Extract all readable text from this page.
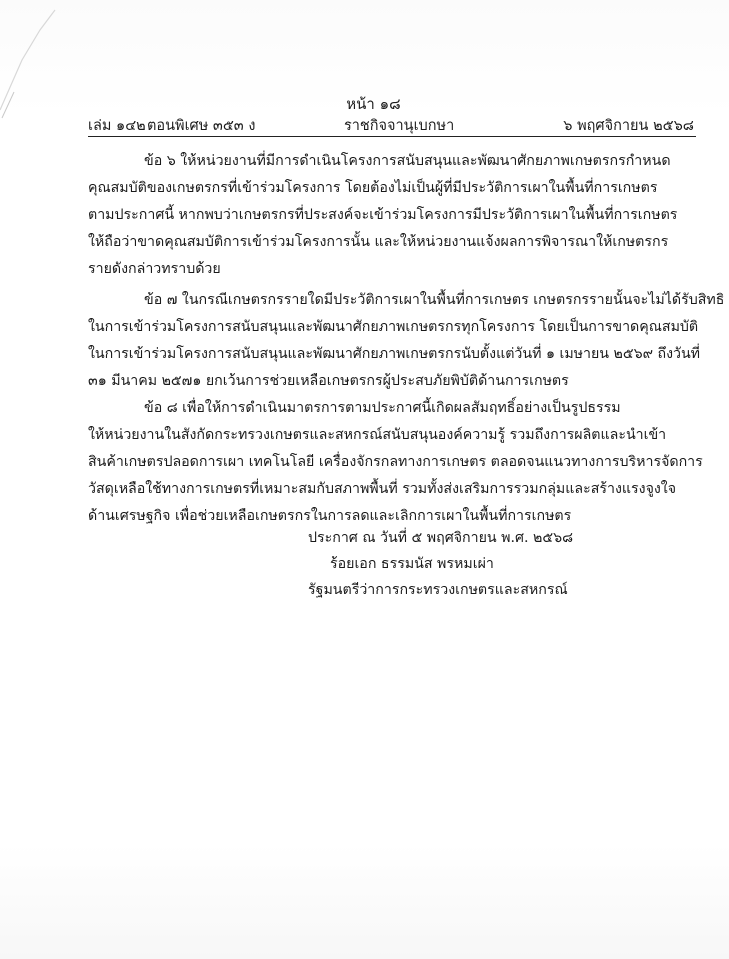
หน้า ๑๘
เล่ม ๑๔๒ ตอนพิเศษ ๓๕๓ ง	ราชกิจจานุเบกษา	๖ พฤศจิกายน ๒๕๖๘
ข้อ ๖ ให้หน่วยงานที่มีการดำเนินโครงการสนับสนุนและพัฒนาศักยภาพเกษตรกรกำหนด
คุณสมบัติของเกษตรกรที่เข้าร่วมโครงการ โดยต้องไม่เป็นผู้ที่มีประวัติการเผาในพื้นที่การเกษตร
ตามประกาศนี้ หากพบว่าเกษตรกรที่ประสงค์จะเข้าร่วมโครงการมีประวัติการเผาในพื้นที่การเกษตร
ให้ถือว่าขาดคุณสมบัติการเข้าร่วมโครงการนั้น และให้หน่วยงานแจ้งผลการพิจารณาให้เกษตรกร
รายดังกล่าวทราบด้วย
ข้อ ๗ ในกรณีเกษตรกรรายใดมีประวัติการเผาในพื้นที่การเกษตร เกษตรกรรายนั้นจะไม่ได้รับสิทธิ
ในการเข้าร่วมโครงการสนับสนุนและพัฒนาศักยภาพเกษตรกรทุกโครงการ โดยเป็นการขาดคุณสมบัติ
ในการเข้าร่วมโครงการสนับสนุนและพัฒนาศักยภาพเกษตรกรนับตั้งแต่วันที่ ๑ เมษายน ๒๕๖๙ ถึงวันที่
๓๑ มีนาคม ๒๕๗๑ ยกเว้นการช่วยเหลือเกษตรกรผู้ประสบภัยพิบัติด้านการเกษตร
ข้อ ๘ เพื่อให้การดำเนินมาตรการตามประกาศนี้เกิดผลสัมฤทธิ์อย่างเป็นรูปธรรม
ให้หน่วยงานในสังกัดกระทรวงเกษตรและสหกรณ์สนับสนุนองค์ความรู้ รวมถึงการผลิตและนำเข้า
สินค้าเกษตรปลอดการเผา เทคโนโลยี เครื่องจักรกลทางการเกษตร ตลอดจนแนวทางการบริหารจัดการ
วัสดุเหลือใช้ทางการเกษตรที่เหมาะสมกับสภาพพื้นที่ รวมทั้งส่งเสริมการรวมกลุ่มและสร้างแรงจูงใจ
ด้านเศรษฐกิจ เพื่อช่วยเหลือเกษตรกรในการลดและเลิกการเผาในพื้นที่การเกษตร
ประกาศ ณ วันที่ ๕ พฤศจิกายน พ.ศ. ๒๕๖๘
ร้อยเอก ธรรมนัส พรหมเผ่า
รัฐมนตรีว่าการกระทรวงเกษตรและสหกรณ์
